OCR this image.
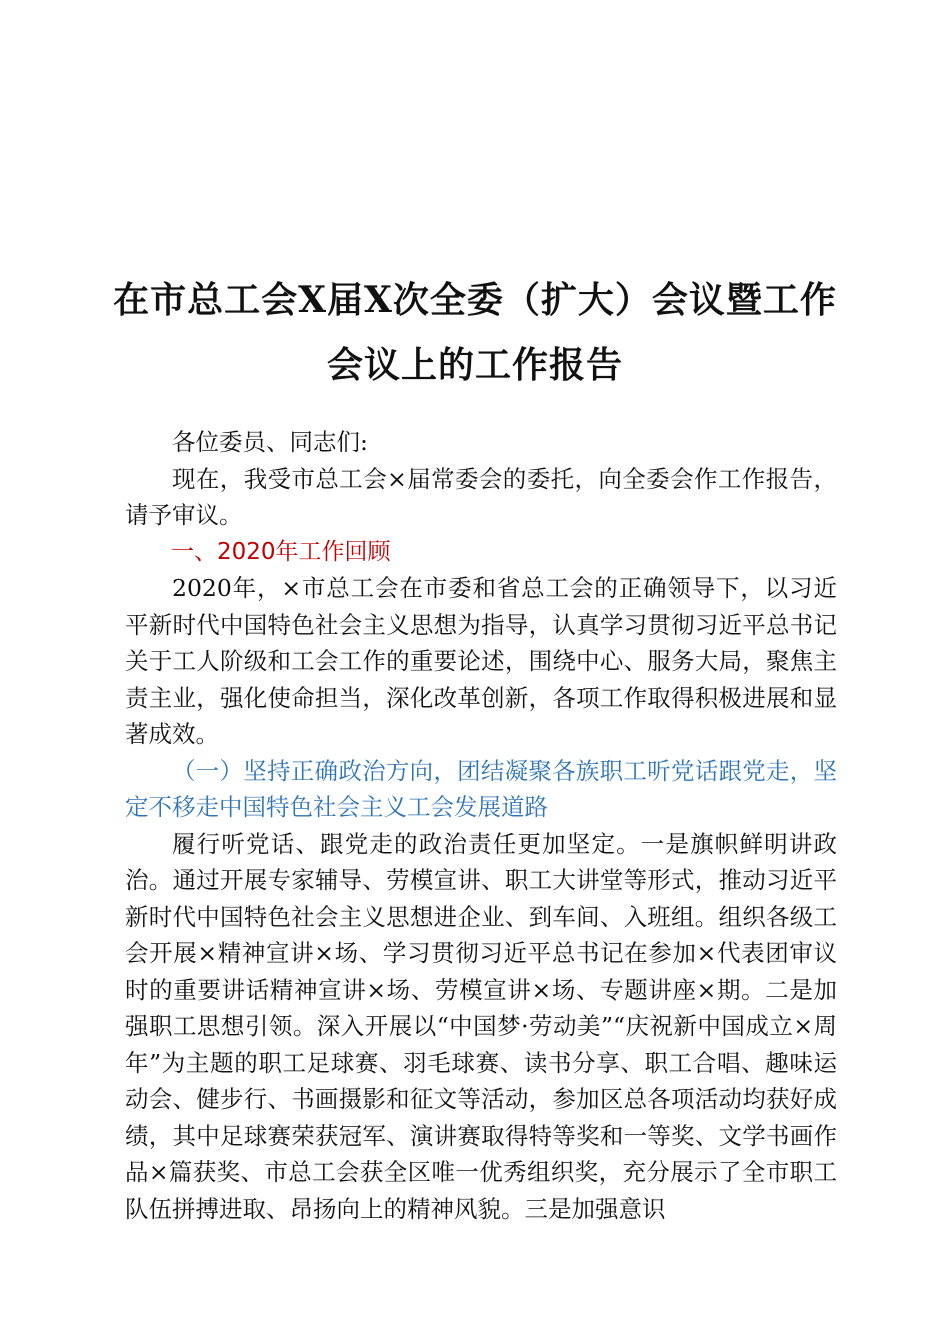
在市总工会X届X次全委（扩大）会议暨工作
会议上的工作报告

各位委员、同志们:

现在，我受市总工会×届常委会的委托，向全委会作工作报告，请予审议。

一、2020年工作回顾

2020年，×市总工会在市委和省总工会的正确领导下，以习近平新时代中国特色社会主义思想为指导，认真学习贯彻习近平总书记关于工人阶级和工会工作的重要论述，围绕中心、服务大局，聚焦主责主业，强化使命担当，深化改革创新，各项工作取得积极进展和显著成效。

（一）坚持正确政治方向，团结凝聚各族职工听党话跟党走，坚定不移走中国特色社会主义工会发展道路

履行听党话、跟党走的政治责任更加坚定。一是旗帜鲜明讲政治。通过开展专家辅导、劳模宣讲、职工大讲堂等形式，推动习近平新时代中国特色社会主义思想进企业、到车间、入班组。组织各级工会开展×精神宣讲×场、学习贯彻习近平总书记在参加×代表团审议时的重要讲话精神宣讲×场、劳模宣讲×场、专题讲座×期。二是加强职工思想引领。深入开展以“中国梦·劳动美”“庆祝新中国成立×周年”为主题的职工足球赛、羽毛球赛、读书分享、职工合唱、趣味运动会、健步行、书画摄影和征文等活动，参加区总各项活动均获好成绩，其中足球赛荣获冠军、演讲赛取得特等奖和一等奖、文学书画作品×篇获奖、市总工会获全区唯一优秀组织奖，充分展示了全市职工队伍拼搏进取、昂扬向上的精神风貌。三是加强意识
